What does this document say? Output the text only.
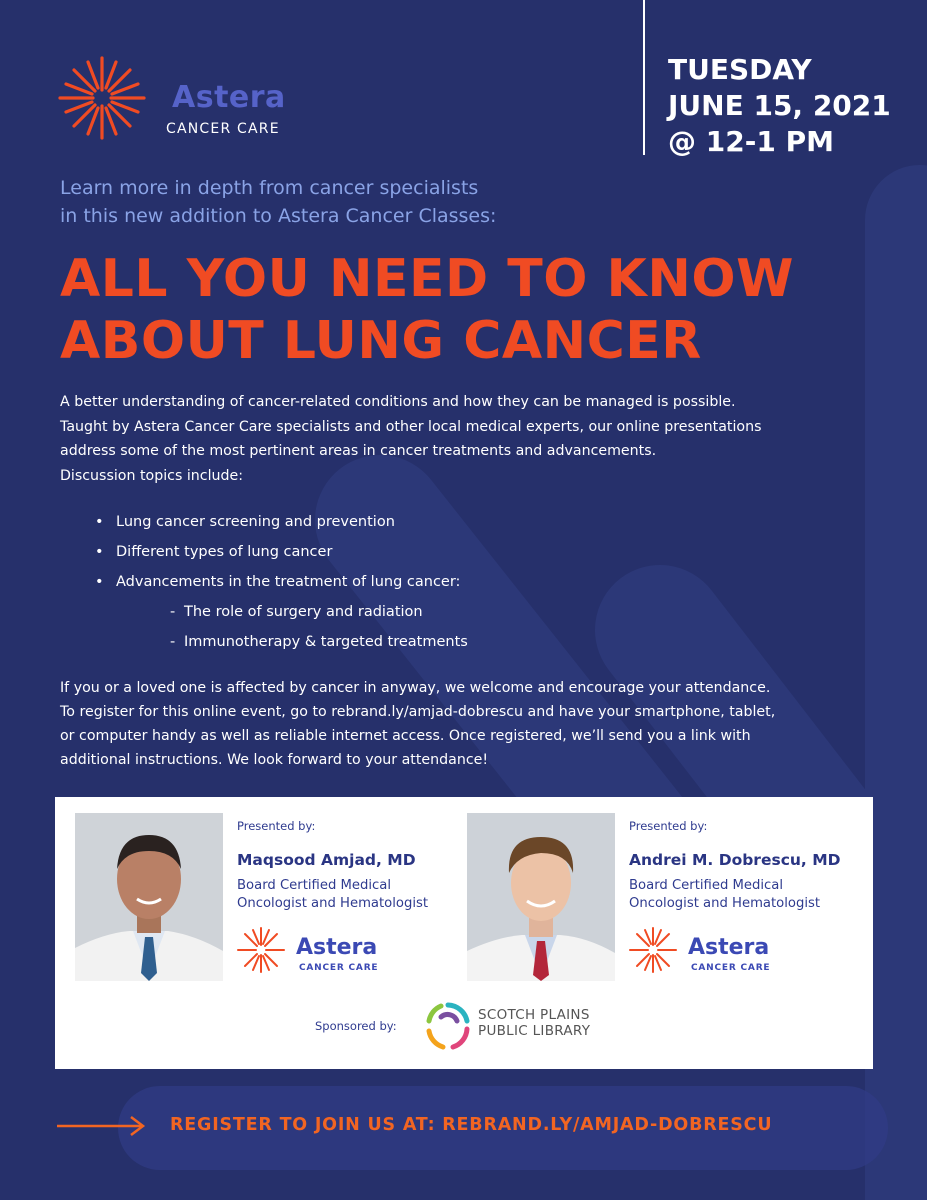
Astera
CANCER CARE
TUESDAY
JUNE 15, 2021
@ 12-1 PM
Learn more in depth from cancer specialists
in this new addition to Astera Cancer Classes:
ALL YOU NEED TO KNOW
ABOUT LUNG CANCER
A better understanding of cancer-related conditions and how they can be managed is possible.
Taught by Astera Cancer Care specialists and other local medical experts, our online presentations
address some of the most pertinent areas in cancer treatments and advancements.
Discussion topics include:
• Lung cancer screening and prevention
• Different types of lung cancer
• Advancements in the treatment of lung cancer:
- The role of surgery and radiation
- Immunotherapy & targeted treatments
If you or a loved one is affected by cancer in anyway, we welcome and encourage your attendance.
To register for this online event, go to rebrand.ly/amjad-dobrescu and have your smartphone, tablet,
or computer handy as well as reliable internet access. Once registered, we’ll send you a link with
additional instructions. We look forward to your attendance!
Presented by:
Maqsood Amjad, MD
Board Certified Medical
Oncologist and Hematologist
Astera
CANCER CARE
Presented by:
Andrei M. Dobrescu, MD
Board Certified Medical
Oncologist and Hematologist
Astera
CANCER CARE
Sponsored by:
SCOTCH PLAINS
PUBLIC LIBRARY
REGISTER TO JOIN US AT: REBRAND.LY/AMJAD-DOBRESCU
